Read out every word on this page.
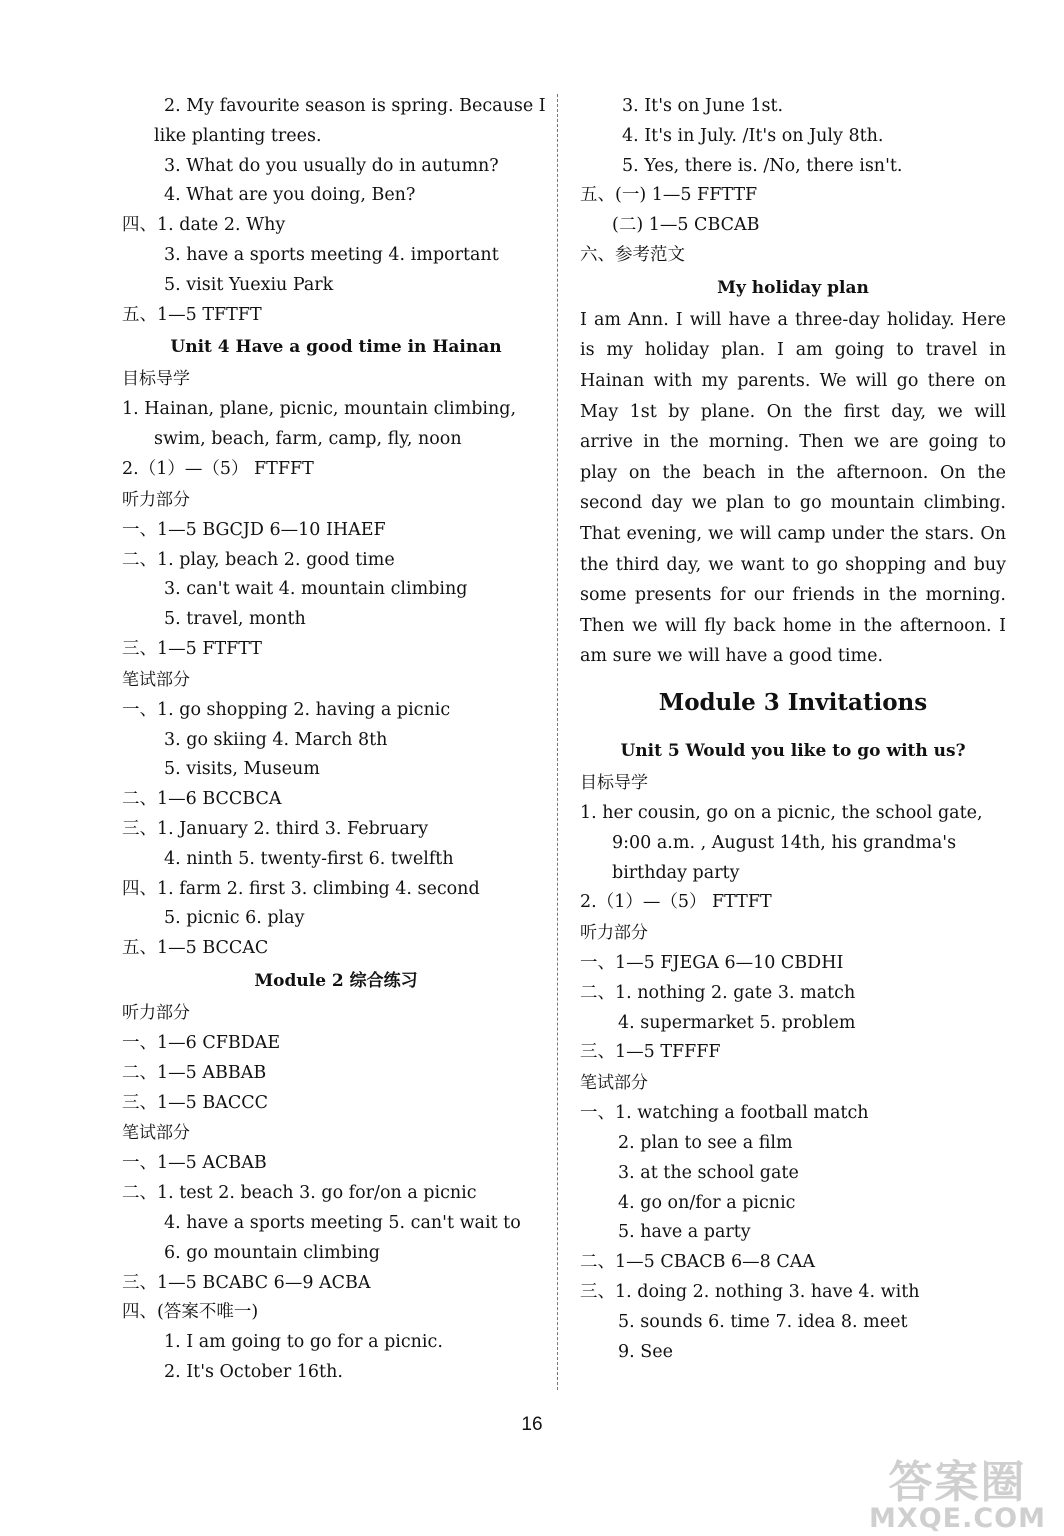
2. My favourite season is spring. Because I
like planting trees.
3. What do you usually do in autumn?
4. What are you doing, Ben?
四、1. date 2. Why
3. have a sports meeting 4. important
5. visit Yuexiu Park
五、1—5 TFTFT
Unit 4 Have a good time in Hainan
目标导学
1. Hainan, plane, picnic, mountain climbing,
swim, beach, farm, camp, fly, noon
2.（1）—（5） FTFFT
听力部分
一、1—5 BGCJD 6—10 IHAEF
二、1. play, beach 2. good time
3. can't wait 4. mountain climbing
5. travel, month
三、1—5 FTFTT
笔试部分
一、1. go shopping 2. having a picnic
3. go skiing 4. March 8th
5. visits, Museum
二、1—6 BCCBCA
三、1. January 2. third 3. February
4. ninth 5. twenty-first 6. twelfth
四、1. farm 2. first 3. climbing 4. second
5. picnic 6. play
五、1—5 BCCAC
Module 2 综合练习
听力部分
一、1—6 CFBDAE
二、1—5 ABBAB
三、1—5 BACCC
笔试部分
一、1—5 ACBAB
二、1. test 2. beach 3. go for/on a picnic
4. have a sports meeting 5. can't wait to
6. go mountain climbing
三、1—5 BCABC 6—9 ACBA
四、(答案不唯一)
1. I am going to go for a picnic.
2. It's October 16th.
3. It's on June 1st.
4. It's in July. /It's on July 8th.
5. Yes, there is. /No, there isn't.
五、(一) 1—5 FFTTF
(二) 1—5 CBCAB
六、参考范文
My holiday plan

I am Ann. I will have a three-day holiday. Here is my holiday plan. I am going to travel in Hainan with my parents. We will go there on May 1st by plane. On the first day, we will arrive in the morning. Then we are going to play on the beach in the afternoon. On the second day we plan to go mountain climbing. That evening, we will camp under the stars. On the third day, we want to go shopping and buy some presents for our friends in the morning. Then we will fly back home in the afternoon. I am sure we will have a good time.

Module 3 Invitations
Unit 5 Would you like to go with us?
目标导学
1. her cousin, go on a picnic, the school gate,
9:00 a.m. , August 14th, his grandma's
birthday party
2.（1）—（5） FTTFT
听力部分
一、1—5 FJEGA 6—10 CBDHI
二、1. nothing 2. gate 3. match
4. supermarket 5. problem
三、1—5 TFFFF
笔试部分
一、1. watching a football match
2. plan to see a film
3. at the school gate
4. go on/for a picnic
5. have a party
二、1—5 CBACB 6—8 CAA
三、1. doing 2. nothing 3. have 4. with
5. sounds 6. time 7. idea 8. meet
9. See
16
答案圈
MXQE.COM
